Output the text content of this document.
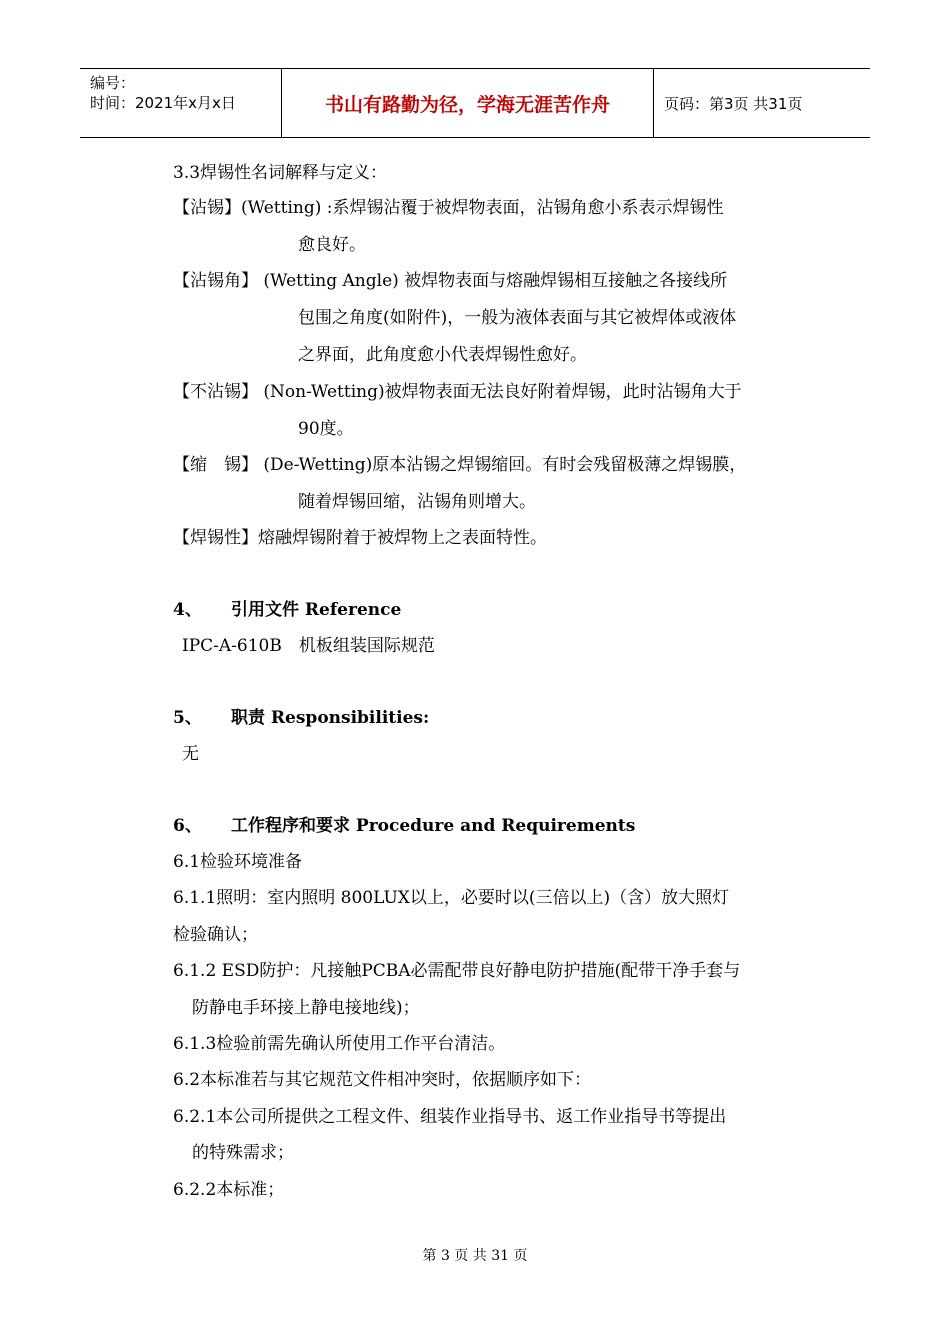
编号：
时间：2021年x月x日	书山有路勤为径，学海无涯苦作舟	页码：第3页 共31页
3.3焊锡性名词解释与定义：
【沾锡】(Wetting) :系焊锡沾覆于被焊物表面，沾锡角愈小系表示焊锡性
愈良好。
【沾锡角】 (Wetting Angle) 被焊物表面与熔融焊锡相互接触之各接线所
包围之角度(如附件)，一般为液体表面与其它被焊体或液体
之界面，此角度愈小代表焊锡性愈好。
【不沾锡】 (Non-Wetting)被焊物表面无法良好附着焊锡，此时沾锡角大于
90度。
【缩　锡】 (De-Wetting)原本沾锡之焊锡缩回。有时会残留极薄之焊锡膜，
随着焊锡回缩，沾锡角则增大。
【焊锡性】熔融焊锡附着于被焊物上之表面特性。
4、 引用文件 Reference
IPC-A-610B　机板组装国际规范
5、 职责 Responsibilities:
无
6、 工作程序和要求 Procedure and Requirements
6.1检验环境准备
6.1.1照明：室内照明 800LUX以上，必要时以(三倍以上)（含）放大照灯
检验确认；
6.1.2 ESD防护：凡接触PCBA必需配带良好静电防护措施(配带干净手套与
防静电手环接上静电接地线)；
6.1.3检验前需先确认所使用工作平台清洁。
6.2本标准若与其它规范文件相冲突时，依据顺序如下：
6.2.1本公司所提供之工程文件、组装作业指导书、返工作业指导书等提出
的特殊需求；
6.2.2本标准；
第 3 页 共 31 页
